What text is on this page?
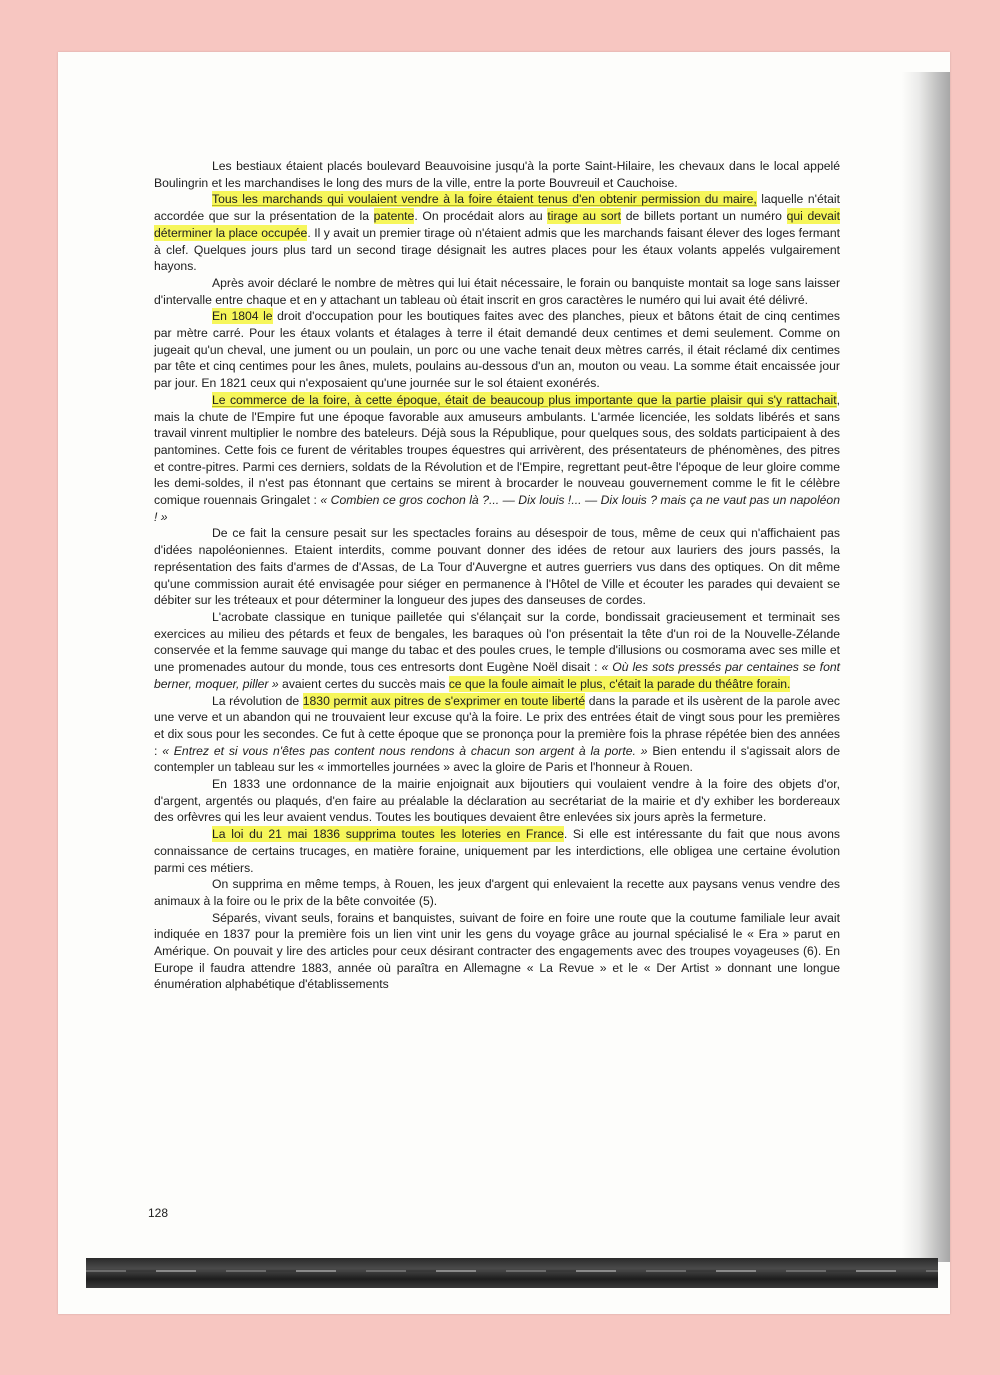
Les bestiaux étaient placés boulevard Beauvoisine jusqu'à la porte Saint-Hilaire, les chevaux dans le local appelé Boulingrin et les marchandises le long des murs de la ville, entre la porte Bouvreuil et Cauchoise.

Tous les marchands qui voulaient vendre à la foire étaient tenus d'en obtenir permission du maire, laquelle n'était accordée que sur la présentation de la patente. On procédait alors au tirage au sort de billets portant un numéro qui devait déterminer la place occupée. Il y avait un premier tirage où n'étaient admis que les marchands faisant élever des loges fermant à clef. Quelques jours plus tard un second tirage désignait les autres places pour les étaux volants appelés vulgairement hayons.

Après avoir déclaré le nombre de mètres qui lui était nécessaire, le forain ou banquiste montait sa loge sans laisser d'intervalle entre chaque et en y attachant un tableau où était inscrit en gros caractères le numéro qui lui avait été délivré.

En 1804 le droit d'occupation pour les boutiques faites avec des planches, pieux et bâtons était de cinq centimes par mètre carré. Pour les étaux volants et étalages à terre il était demandé deux centimes et demi seulement. Comme on jugeait qu'un cheval, une jument ou un poulain, un porc ou une vache tenait deux mètres carrés, il était réclamé dix centimes par tête et cinq centimes pour les ânes, mulets, poulains au-dessous d'un an, mouton ou veau. La somme était encaissée jour par jour. En 1821 ceux qui n'exposaient qu'une journée sur le sol étaient exonérés.

Le commerce de la foire, à cette époque, était de beaucoup plus importante que la partie plaisir qui s'y rattachait, mais la chute de l'Empire fut une époque favorable aux amuseurs ambulants. L'armée licenciée, les soldats libérés et sans travail vinrent multiplier le nombre des bateleurs. Déjà sous la République, pour quelques sous, des soldats participaient à des pantomines. Cette fois ce furent de véritables troupes équestres qui arrivèrent, des présentateurs de phénomènes, des pitres et contre-pitres. Parmi ces derniers, soldats de la Révolution et de l'Empire, regrettant peut-être l'époque de leur gloire comme les demi-soldes, il n'est pas étonnant que certains se mirent à brocarder le nouveau gouvernement comme le fit le célèbre comique rouennais Gringalet : « Combien ce gros cochon là ?... — Dix louis !... — Dix louis ? mais ça ne vaut pas un napoléon ! »

De ce fait la censure pesait sur les spectacles forains au désespoir de tous, même de ceux qui n'affichaient pas d'idées napoléoniennes. Etaient interdits, comme pouvant donner des idées de retour aux lauriers des jours passés, la représentation des faits d'armes de d'Assas, de La Tour d'Auvergne et autres guerriers vus dans des optiques. On dit même qu'une commission aurait été envisagée pour siéger en permanence à l'Hôtel de Ville et écouter les parades qui devaient se débiter sur les tréteaux et pour déterminer la longueur des jupes des danseuses de cordes.

L'acrobate classique en tunique pailletée qui s'élançait sur la corde, bondissait gracieusement et terminait ses exercices au milieu des pétards et feux de bengales, les baraques où l'on présentait la tête d'un roi de la Nouvelle-Zélande conservée et la femme sauvage qui mange du tabac et des poules crues, le temple d'illusions ou cosmorama avec ses mille et une promenades autour du monde, tous ces entresorts dont Eugène Noël disait : « Où les sots pressés par centaines se font berner, moquer, piller » avaient certes du succès mais ce que la foule aimait le plus, c'était la parade du théâtre forain.

La révolution de 1830 permit aux pitres de s'exprimer en toute liberté dans la parade et ils usèrent de la parole avec une verve et un abandon qui ne trouvaient leur excuse qu'à la foire. Le prix des entrées était de vingt sous pour les premières et dix sous pour les secondes. Ce fut à cette époque que se prononça pour la première fois la phrase répétée bien des années : « Entrez et si vous n'êtes pas content nous rendons à chacun son argent à la porte. » Bien entendu il s'agissait alors de contempler un tableau sur les « immortelles journées » avec la gloire de Paris et l'honneur à Rouen.

En 1833 une ordonnance de la mairie enjoignait aux bijoutiers qui voulaient vendre à la foire des objets d'or, d'argent, argentés ou plaqués, d'en faire au préalable la déclaration au secrétariat de la mairie et d'y exhiber les bordereaux des orfèvres qui les leur avaient vendus. Toutes les boutiques devaient être enlevées six jours après la fermeture.

La loi du 21 mai 1836 supprima toutes les loteries en France. Si elle est intéressante du fait que nous avons connaissance de certains trucages, en matière foraine, uniquement par les interdictions, elle obligea une certaine évolution parmi ces métiers.

On supprima en même temps, à Rouen, les jeux d'argent qui enlevaient la recette aux paysans venus vendre des animaux à la foire ou le prix de la bête convoitée (5).

Séparés, vivant seuls, forains et banquistes, suivant de foire en foire une route que la coutume familiale leur avait indiquée en 1837 pour la première fois un lien vint unir les gens du voyage grâce au journal spécialisé le « Era » parut en Amérique. On pouvait y lire des articles pour ceux désirant contracter des engagements avec des troupes voyageuses (6). En Europe il faudra attendre 1883, année où paraîtra en Allemagne « La Revue » et le « Der Artist » donnant une longue énumération alphabétique d'établissements

128
